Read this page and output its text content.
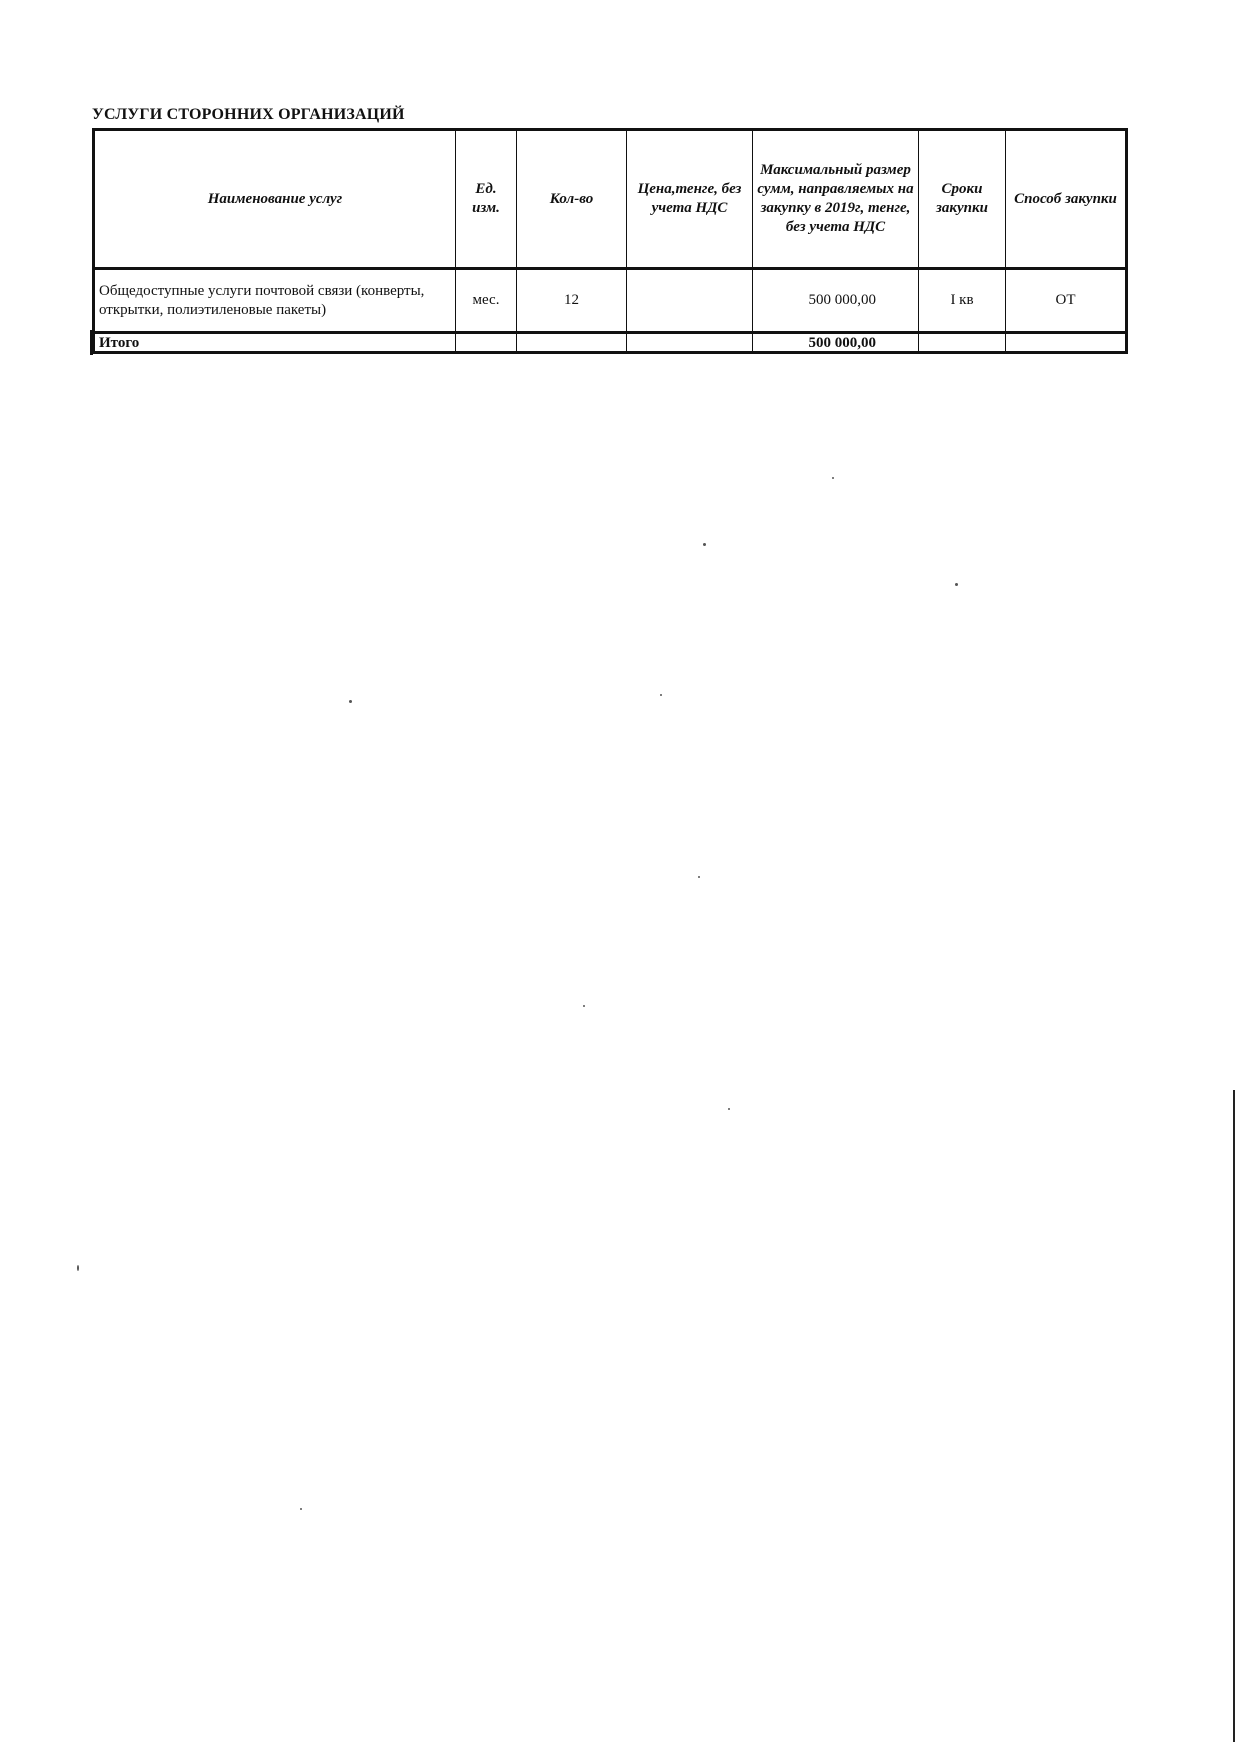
УСЛУГИ СТОРОННИХ ОРГАНИЗАЦИЙ
Наименование услуг	Ед. изм.	Кол-во	Цена,тенге, без учета НДС	Максимальный размер сумм, направляемых на закупку в 2019г, тенге, без учета НДС	Сроки закупки	Способ закупки
Общедоступные услуги почтовой связи (конверты, открытки, полиэтиленовые пакеты)	мес.	12		500 000,00	I кв	ОТ
Итого				500 000,00		
